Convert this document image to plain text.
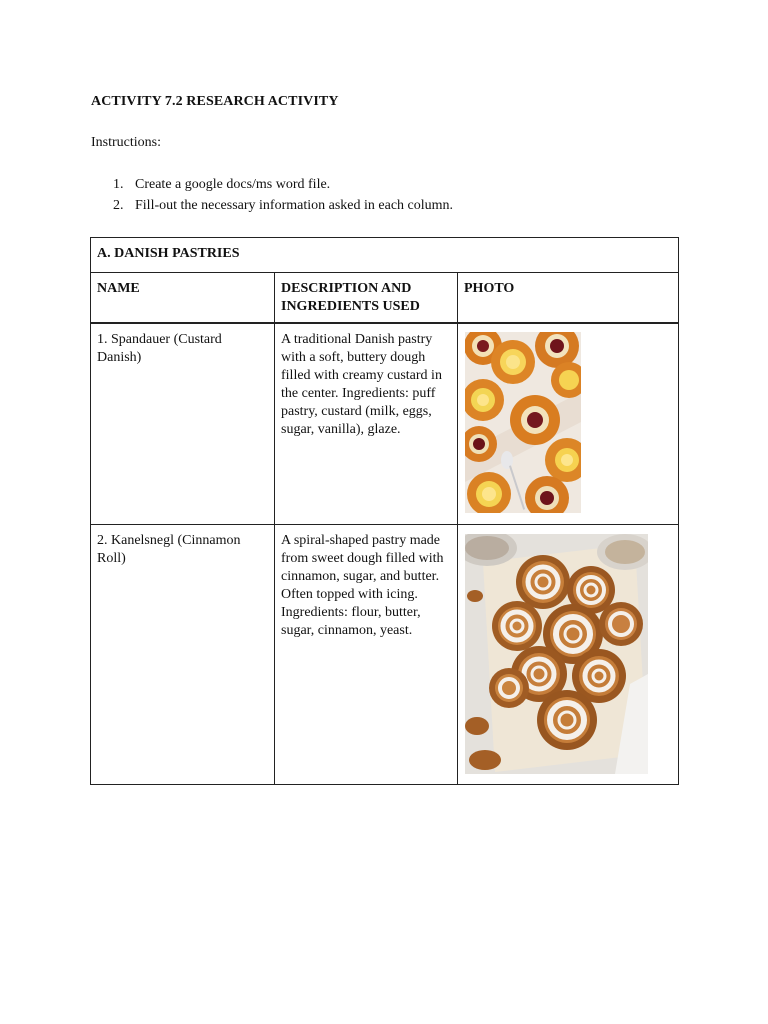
ACTIVITY 7.2 RESEARCH ACTIVITY
Instructions:
1. Create a google docs/ms word file.
2. Fill-out the necessary information asked in each column.
A. DANISH PASTRIES		
NAME	DESCRIPTION AND INGREDIENTS USED	PHOTO
1. Spandauer (Custard Danish)	A traditional Danish pastry with a soft, buttery dough filled with creamy custard in the center. Ingredients: puff pastry, custard (milk, eggs, sugar, vanilla), glaze.	

2. Kanelsnegl (Cinnamon Roll)	A spiral-shaped pastry made from sweet dough filled with cinnamon, sugar, and butter. Often topped with icing. Ingredients: flour, butter, sugar, cinnamon, yeast.	
